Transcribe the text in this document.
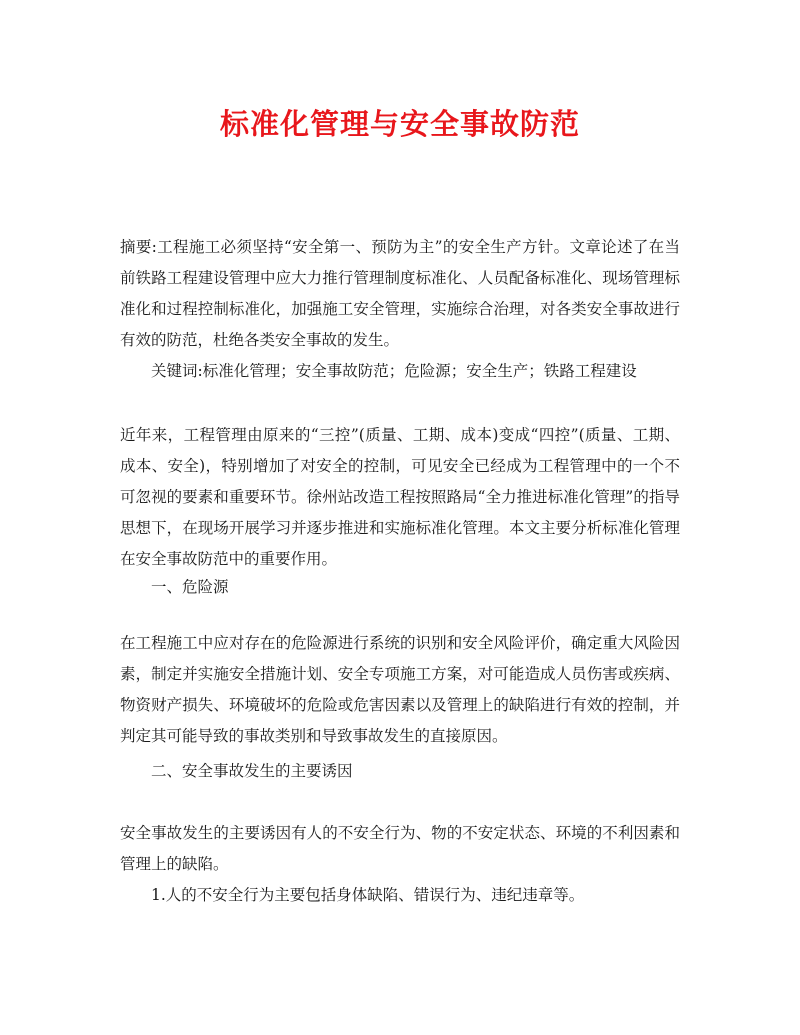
标准化管理与安全事故防范
摘要:工程施工必须坚持“安全第一、预防为主”的安全生产方针。文章论述了在当前铁路工程建设管理中应大力推行管理制度标准化、人员配备标准化、现场管理标准化和过程控制标准化，加强施工安全管理，实施综合治理，对各类安全事故进行有效的防范，杜绝各类安全事故的发生。
关键词:标准化管理；安全事故防范；危险源；安全生产；铁路工程建设
近年来，工程管理由原来的“三控”(质量、工期、成本)变成“四控”(质量、工期、成本、安全)，特别增加了对安全的控制，可见安全已经成为工程管理中的一个不可忽视的要素和重要环节。徐州站改造工程按照路局“全力推进标准化管理”的指导思想下，在现场开展学习并逐步推进和实施标准化管理。本文主要分析标准化管理在安全事故防范中的重要作用。
一、危险源
在工程施工中应对存在的危险源进行系统的识别和安全风险评价，确定重大风险因素，制定并实施安全措施计划、安全专项施工方案，对可能造成人员伤害或疾病、物资财产损失、环境破坏的危险或危害因素以及管理上的缺陷进行有效的控制，并判定其可能导致的事故类别和导致事故发生的直接原因。
二、安全事故发生的主要诱因
安全事故发生的主要诱因有人的不安全行为、物的不安定状态、环境的不利因素和管理上的缺陷。
1.人的不安全行为主要包括身体缺陷、错误行为、违纪违章等。
